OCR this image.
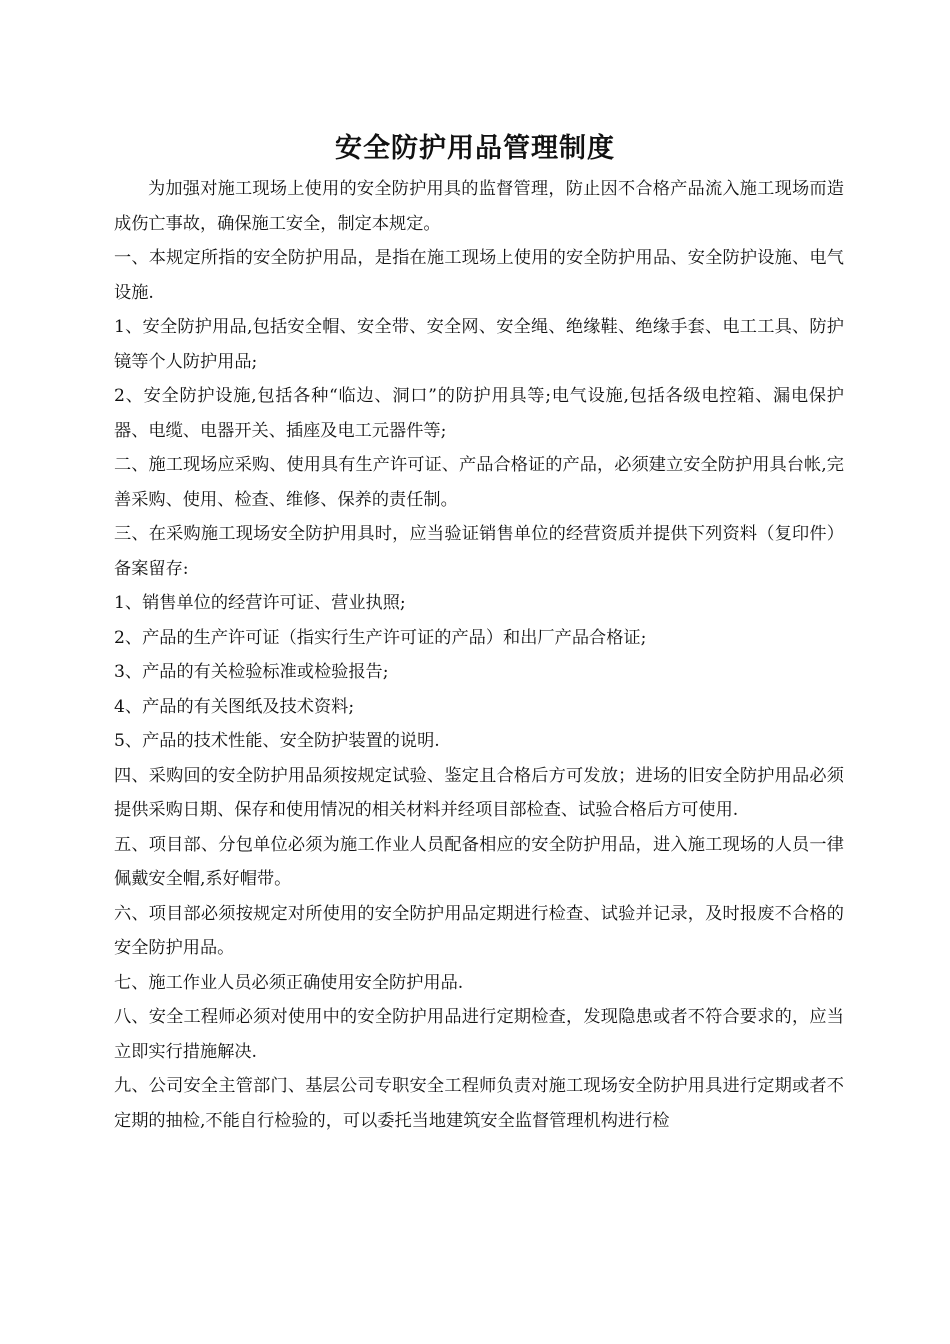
安全防护用品管理制度

为加强对施工现场上使用的安全防护用具的监督管理，防止因不合格产品流入施工现场而造成伤亡事故，确保施工安全，制定本规定。

一、本规定所指的安全防护用品，是指在施工现场上使用的安全防护用品、安全防护设施、电气设施.

1、安全防护用品,包括安全帽、安全带、安全网、安全绳、绝缘鞋、绝缘手套、电工工具、防护镜等个人防护用品;

2、安全防护设施,包括各种“临边、洞口”的防护用具等;电气设施,包括各级电控箱、漏电保护器、电缆、电器开关、插座及电工元器件等;

二、施工现场应采购、使用具有生产许可证、产品合格证的产品，必须建立安全防护用具台帐,完善采购、使用、检查、维修、保养的责任制。

三、在采购施工现场安全防护用具时，应当验证销售单位的经营资质并提供下列资料（复印件）备案留存:

1、销售单位的经营许可证、营业执照;

2、产品的生产许可证（指实行生产许可证的产品）和出厂产品合格证;

3、产品的有关检验标准或检验报告;

4、产品的有关图纸及技术资料;

5、产品的技术性能、安全防护装置的说明.

四、采购回的安全防护用品须按规定试验、鉴定且合格后方可发放；进场的旧安全防护用品必须提供采购日期、保存和使用情况的相关材料并经项目部检查、试验合格后方可使用.

五、项目部、分包单位必须为施工作业人员配备相应的安全防护用品，进入施工现场的人员一律佩戴安全帽,系好帽带。

六、项目部必须按规定对所使用的安全防护用品定期进行检查、试验并记录，及时报废不合格的安全防护用品。

七、施工作业人员必须正确使用安全防护用品.

八、安全工程师必须对使用中的安全防护用品进行定期检查，发现隐患或者不符合要求的，应当立即实行措施解决.

九、公司安全主管部门、基层公司专职安全工程师负责对施工现场安全防护用具进行定期或者不定期的抽检,不能自行检验的，可以委托当地建筑安全监督管理机构进行检
